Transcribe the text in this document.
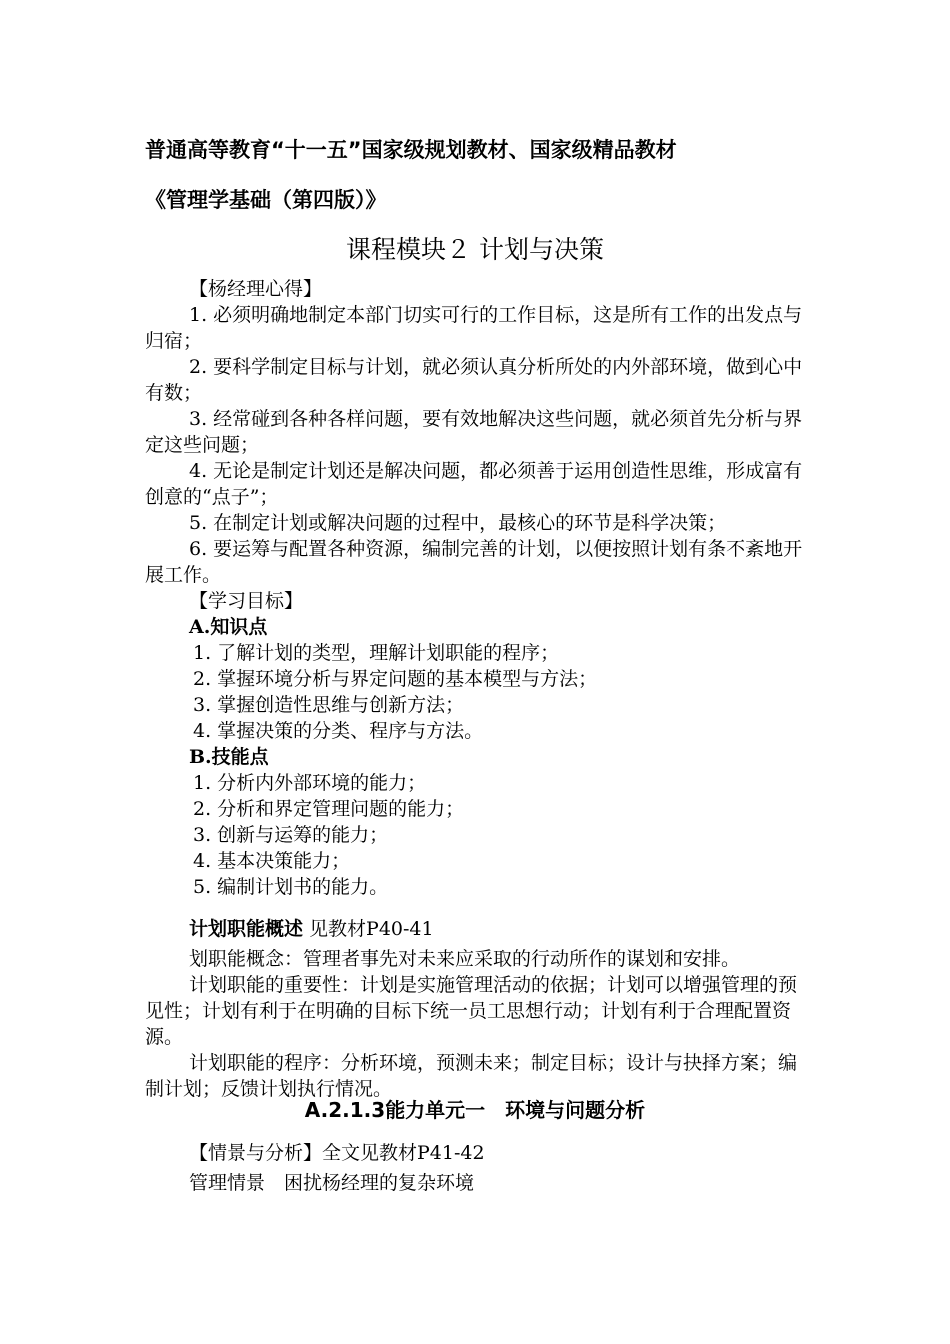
普通高等教育“十一五”国家级规划教材、国家级精品教材
《管理学基础（第四版）》
课程模块２ 计划与决策
【杨经理心得】

1. 必须明确地制定本部门切实可行的工作目标，这是所有工作的出发点与归宿；

2. 要科学制定目标与计划，就必须认真分析所处的内外部环境，做到心中有数；

3. 经常碰到各种各样问题，要有效地解决这些问题，就必须首先分析与界定这些问题；

4. 无论是制定计划还是解决问题，都必须善于运用创造性思维，形成富有创意的“点子”；

5. 在制定计划或解决问题的过程中，最核心的环节是科学决策；

6. 要运筹与配置各种资源，编制完善的计划，以便按照计划有条不紊地开展工作。

【学习目标】
A.知识点
1. 了解计划的类型，理解计划职能的程序；
2. 掌握环境分析与界定问题的基本模型与方法；
3. 掌握创造性思维与创新方法；
4. 掌握决策的分类、程序与方法。
B.技能点
1. 分析内外部环境的能力；
2. 分析和界定管理问题的能力；
3. 创新与运筹的能力；
4. 基本决策能力；
5. 编制计划书的能力。
计划职能概述 见教材P40-41

划职能概念：管理者事先对未来应采取的行动所作的谋划和安排。

计划职能的重要性：计划是实施管理活动的依据；计划可以增强管理的预见性；计划有利于在明确的目标下统一员工思想行动；计划有利于合理配置资源。

计划职能的程序：分析环境，预测未来；制定目标；设计与抉择方案；编制计划；反馈计划执行情况。

A.2.1.3能力单元一　环境与问题分析
【情景与分析】全文见教材P41-42
管理情景　困扰杨经理的复杂环境
